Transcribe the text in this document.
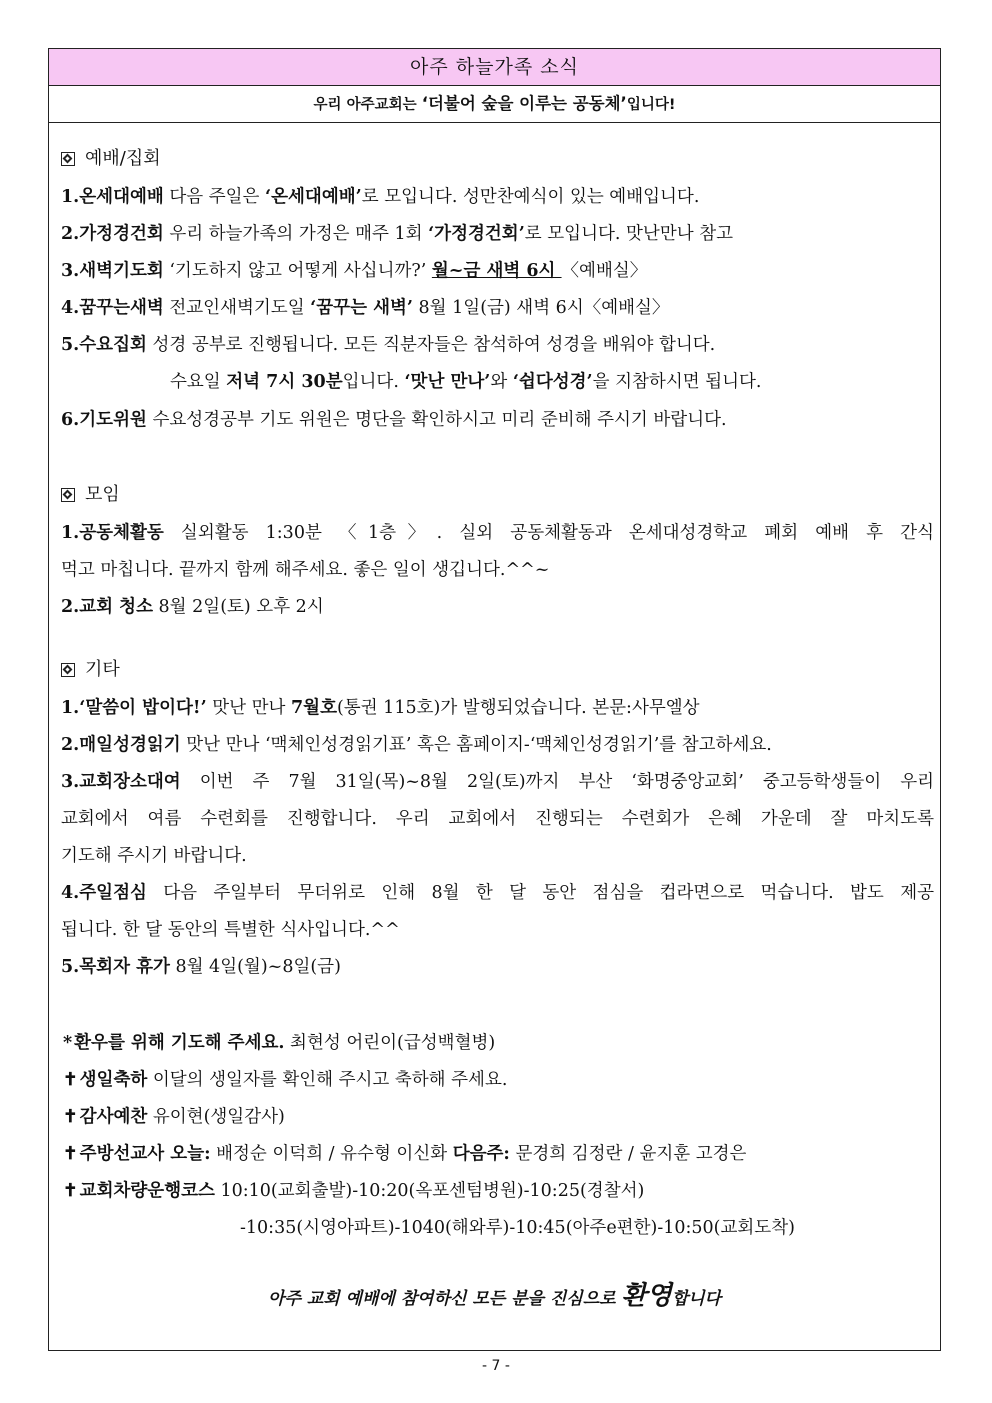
아주 하늘가족 소식
우리 아주교회는 ‘더불어 숲을 이루는 공동체’입니다!
예배/집회
1.온세대예배 다음 주일은 ‘온세대예배’로 모입니다. 성만찬예식이 있는 예배입니다.
2.가정경건회 우리 하늘가족의 가정은 매주 1회 ‘가정경건회’로 모입니다. 맛난만나 참고
3.새벽기도회 ‘기도하지 않고 어떻게 사십니까?’ 월~금 새벽 6시 〈예배실〉
4.꿈꾸는새벽 전교인새벽기도일 ‘꿈꾸는 새벽’ 8월 1일(금) 새벽 6시〈예배실〉
5.수요집회 성경 공부로 진행됩니다. 모든 직분자들은 참석하여 성경을 배워야 합니다.
수요일 저녁 7시 30분입니다. ‘맛난 만나’와 ‘쉽다성경’을 지참하시면 됩니다.
6.기도위원 수요성경공부 기도 위원은 명단을 확인하시고 미리 준비해 주시기 바랍니다.
모임
1.공동체활동 실외활동 1:30분 〈1층〉. 실외 공동체활동과 온세대성경학교 폐회 예배 후 간식
먹고 마칩니다. 끝까지 함께 해주세요. 좋은 일이 생깁니다.^^~
2.교회 청소 8월 2일(토) 오후 2시
기타
1.‘말씀이 밥이다!’ 맛난 만나 7월호(통권 115호)가 발행되었습니다. 본문:사무엘상
2.매일성경읽기 맛난 만나 ‘맥체인성경읽기표’ 혹은 홈페이지-‘맥체인성경읽기’를 참고하세요.
3.교회장소대여 이번 주 7월 31일(목)~8월 2일(토)까지 부산 ‘화명중앙교회’ 중고등학생들이 우리
교회에서 여름 수련회를 진행합니다. 우리 교회에서 진행되는 수련회가 은혜 가운데 잘 마치도록
기도해 주시기 바랍니다.
4.주일점심 다음 주일부터 무더위로 인해 8월 한 달 동안 점심을 컵라면으로 먹습니다. 밥도 제공
됩니다. 한 달 동안의 특별한 식사입니다.^^
5.목회자 휴가 8월 4일(월)~8일(금)
* 환우를 위해 기도해 주세요. 최현성 어린이(급성백혈병)
✝ 생일축하 이달의 생일자를 확인해 주시고 축하해 주세요.
✝ 감사예찬 유이현(생일감사)
✝ 주방선교사 오늘: 배정순 이덕희 / 유수형 이신화 다음주: 문경희 김정란 / 윤지훈 고경은
✝ 교회차량운행코스 10:10(교회출발)-10:20(옥포센텀병원)-10:25(경찰서)
-10:35(시영아파트)-1040(해와루)-10:45(아주e편한)-10:50(교회도착)
아주 교회 예배에 참여하신 모든 분을 진심으로 환영합니다
- 7 -
